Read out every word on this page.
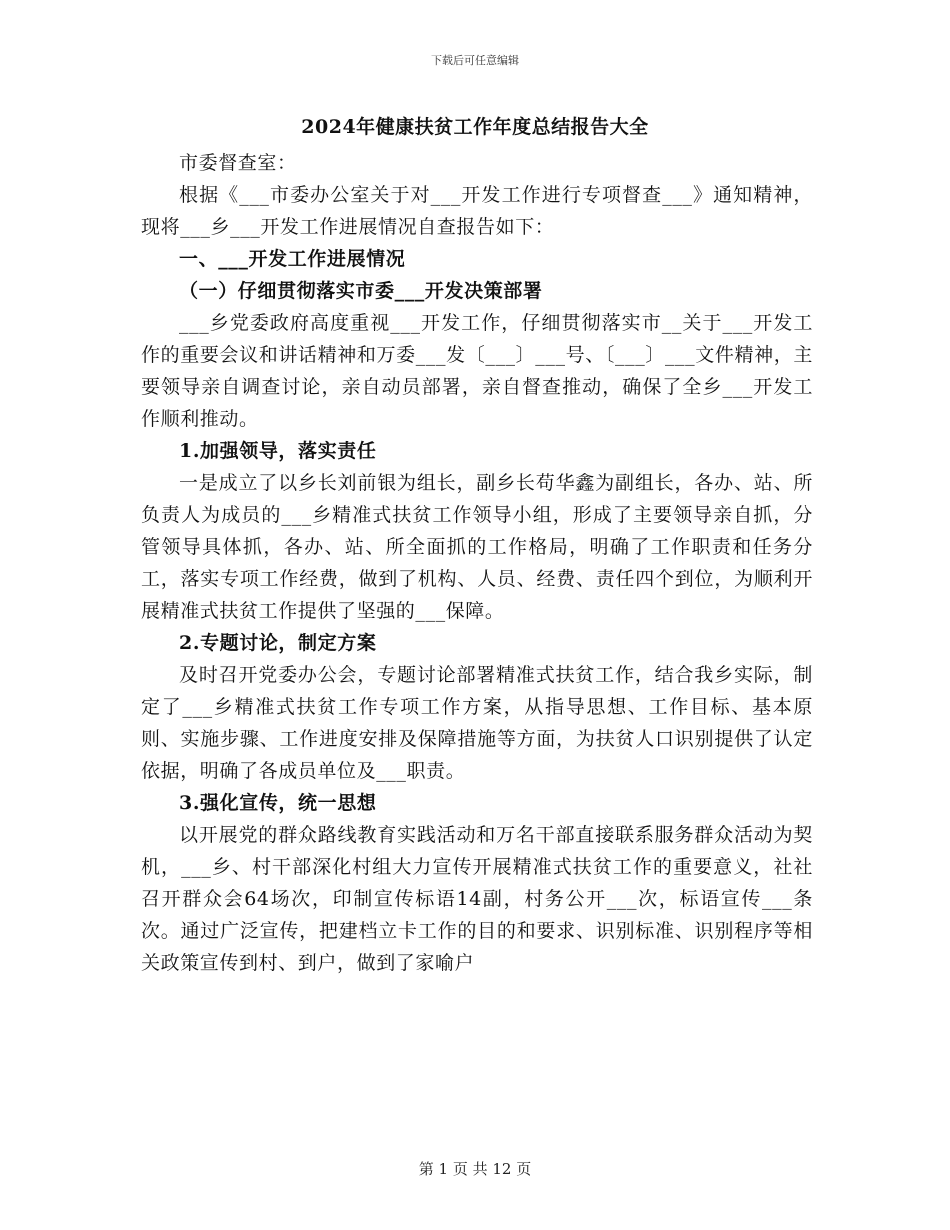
下载后可任意编辑
2024年健康扶贫工作年度总结报告大全

市委督查室：

根据《___市委办公室关于对___开发工作进行专项督查___》通知精神，现将___乡___开发工作进展情况自查报告如下：

一、___开发工作进展情况

（一）仔细贯彻落实市委___开发决策部署

___乡党委政府高度重视___开发工作，仔细贯彻落实市__关于___开发工作的重要会议和讲话精神和万委___发〔___〕___号、〔___〕___文件精神，主要领导亲自调查讨论，亲自动员部署，亲自督查推动，确保了全乡___开发工作顺利推动。

1.加强领导，落实责任

一是成立了以乡长刘前银为组长，副乡长苟华鑫为副组长，各办、站、所负责人为成员的___乡精准式扶贫工作领导小组，形成了主要领导亲自抓，分管领导具体抓，各办、站、所全面抓的工作格局，明确了工作职责和任务分工，落实专项工作经费，做到了机构、人员、经费、责任四个到位，为顺利开展精准式扶贫工作提供了坚强的___保障。

2.专题讨论，制定方案

及时召开党委办公会，专题讨论部署精准式扶贫工作，结合我乡实际，制定了___乡精准式扶贫工作专项工作方案，从指导思想、工作目标、基本原则、实施步骤、工作进度安排及保障措施等方面，为扶贫人口识别提供了认定依据，明确了各成员单位及___职责。

3.强化宣传，统一思想

以开展党的群众路线教育实践活动和万名干部直接联系服务群众活动为契机，___乡、村干部深化村组大力宣传开展精准式扶贫工作的重要意义，社社召开群众会64场次，印制宣传标语14副，村务公开___次，标语宣传___条次。通过广泛宣传，把建档立卡工作的目的和要求、识别标准、识别程序等相关政策宣传到村、到户，做到了家喻户

第 1 页 共 12 页
